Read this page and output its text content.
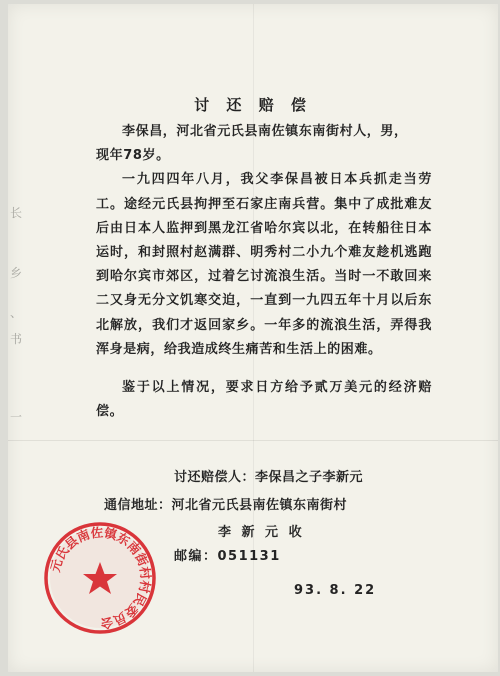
长
乡
、
书
一
讨 还 赔 偿

李保昌，河北省元氏县南佐镇东南街村人，男，

现年78岁。

一九四四年八月，我父李保昌被日本兵抓走当劳工。途经元氏县拘押至石家庄南兵营。集中了成批难友后由日本人监押到黑龙江省哈尔宾以北，在转船往日本运时，和封照村赵满群、明秀村二小九个难友趁机逃跑到哈尔宾市郊区，过着乞讨流浪生活。当时一不敢回来二又身无分文饥寒交迫，一直到一九四五年十月以后东北解放，我们才返回家乡。一年多的流浪生活，弄得我浑身是病，给我造成终生痛苦和生活上的困难。

鉴于以上情况，要求日方给予贰万美元的经济赔偿。

讨还赔偿人：李保昌之子李新元
通信地址：河北省元氏县南佐镇东南街村
李 新 元 收
邮编：051131
93. 8. 22
元氏县南佐镇东南街村村民委员会
